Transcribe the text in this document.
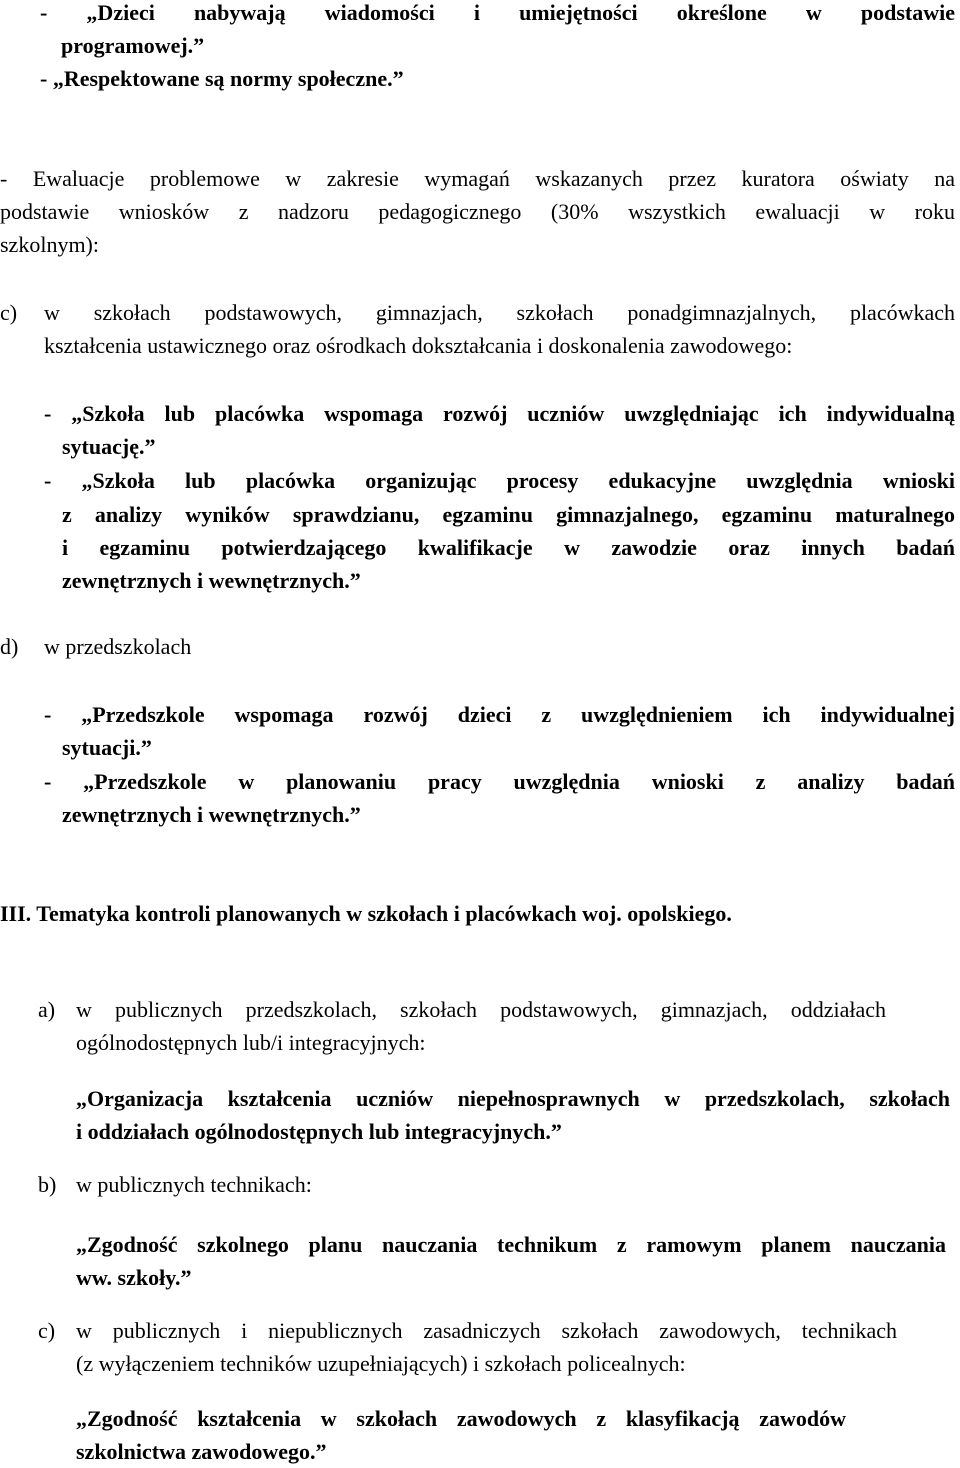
- „Dzieci nabywają wiadomości i umiejętności określone w podstawie
programowej.”
- „Respektowane są normy społeczne.”
- Ewaluacje problemowe w zakresie wymagań wskazanych przez kuratora oświaty na
podstawie wniosków z nadzoru pedagogicznego (30% wszystkich ewaluacji w roku
szkolnym):
c) w szkołach podstawowych, gimnazjach, szkołach ponadgimnazjalnych, placówkach
kształcenia ustawicznego oraz ośrodkach dokształcania i doskonalenia zawodowego:
- „Szkoła lub placówka wspomaga rozwój uczniów uwzględniając ich indywidualną
sytuację.”
- „Szkoła lub placówka organizując procesy edukacyjne uwzględnia wnioski
z analizy wyników sprawdzianu, egzaminu gimnazjalnego, egzaminu maturalnego
i egzaminu potwierdzającego kwalifikacje w zawodzie oraz innych badań
zewnętrznych i wewnętrznych.”
d) w przedszkolach
- „Przedszkole wspomaga rozwój dzieci z uwzględnieniem ich indywidualnej
sytuacji.”
- „Przedszkole w planowaniu pracy uwzględnia wnioski z analizy badań
zewnętrznych i wewnętrznych.”
III. Tematyka kontroli planowanych w szkołach i placówkach woj. opolskiego.
a) w publicznych przedszkolach, szkołach podstawowych, gimnazjach, oddziałach
ogólnodostępnych lub/i integracyjnych:
„Organizacja kształcenia uczniów niepełnosprawnych w przedszkolach, szkołach
i oddziałach ogólnodostępnych lub integracyjnych.”
b) w publicznych technikach:
„Zgodność szkolnego planu nauczania technikum z ramowym planem nauczania
ww. szkoły.”
c) w publicznych i niepublicznych zasadniczych szkołach zawodowych, technikach
(z wyłączeniem techników uzupełniających) i szkołach policealnych:
„Zgodność kształcenia w szkołach zawodowych z klasyfikacją zawodów
szkolnictwa zawodowego.”
